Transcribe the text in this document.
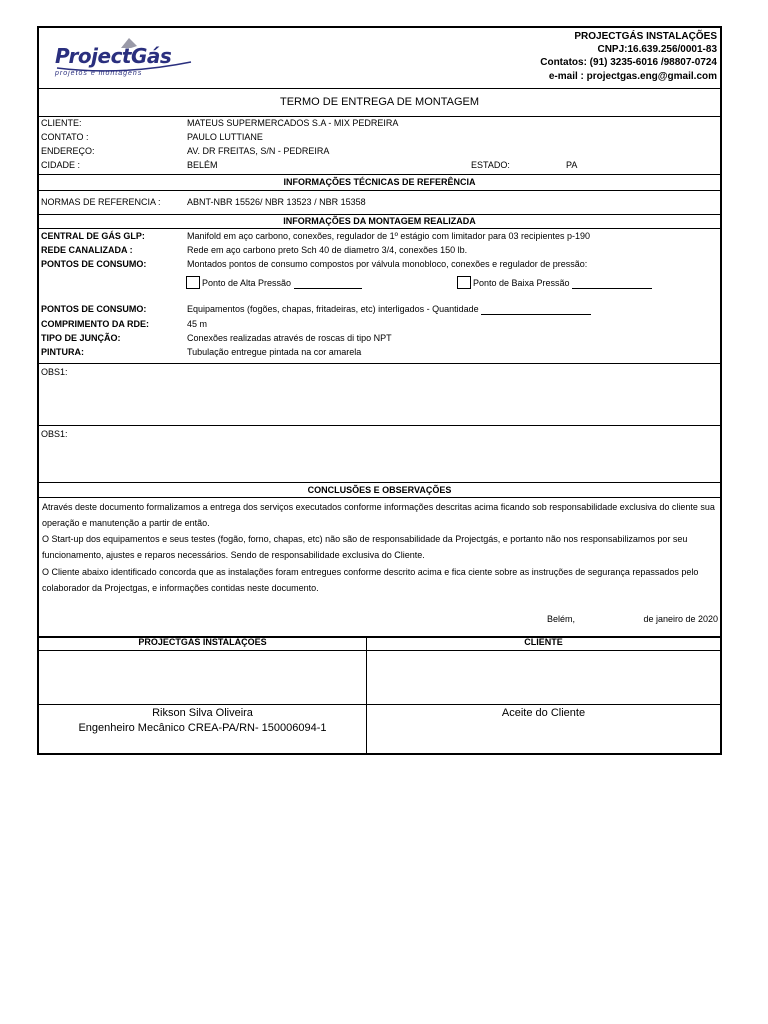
ProjectGás
projetos e montagens
PROJECTGÁS INSTALAÇÕES
CNPJ:16.639.256/0001-83
Contatos: (91) 3235-6016 /98807-0724
e-mail : projectgas.eng@gmail.com
TERMO DE ENTREGA DE MONTAGEM
CLIENTE:	MATEUS SUPERMERCADOS S.A - MIX PEDREIRA
CONTATO :	PAULO LUTTIANE
ENDEREÇO:	AV. DR FREITAS, S/N - PEDREIRA
CIDADE :	BELÉM	ESTADO:	PA
INFORMAÇÕES TÉCNICAS DE REFERÊNCIA
NORMAS DE REFERENCIA :	ABNT-NBR 15526/ NBR 13523 / NBR 15358
INFORMAÇÕES DA MONTAGEM REALIZADA
CENTRAL DE GÁS GLP:	Manifold em aço carbono, conexões, regulador de 1º estágio com limitador para 03 recipientes p-190
REDE CANALIZADA :	Rede em aço carbono preto Sch 40 de diametro 3/4, conexões 150 lb.
PONTOS DE CONSUMO:	Montados pontos de consumo compostos por válvula monobloco, conexões e regulador de pressão:
Ponto de Alta Pressão	Ponto de Baixa Pressão
PONTOS DE CONSUMO:	Equipamentos (fogões, chapas, fritadeiras, etc) interligados - Quantidade
COMPRIMENTO DA RDE:	45 m
TIPO DE JUNÇÃO:	Conexões realizadas através de roscas di tipo NPT
PINTURA:	Tubulação entregue pintada na cor amarela
OBS1:
OBS1:
CONCLUSÕES E OBSERVAÇÕES
Através deste documento formalizamos a entrega dos serviços executados conforme informações descritas acima ficando sob responsabilidade exclusiva do cliente sua operação e manutenção a partir de então.
O Start-up dos equipamentos e seus testes (fogão, forno, chapas, etc) não são de responsabilidade da Projectgás, e portanto não nos responsabilizamos por seu funcionamento, ajustes e reparos necessários. Sendo de responsabilidade exclusiva do Cliente.
O Cliente abaixo identificado concorda que as instalações foram entregues conforme descrito acima e fica ciente sobre as instruções de segurança repassados pelo colaborador da Projectgas, e informações contidas neste documento.
Belém,	de janeiro de 2020
PROJECTGAS INSTALAÇÕES	CLIENTE
Rikson Silva Oliveira
Engenheiro Mecânico CREA-PA/RN- 150006094-1
Aceite do Cliente
